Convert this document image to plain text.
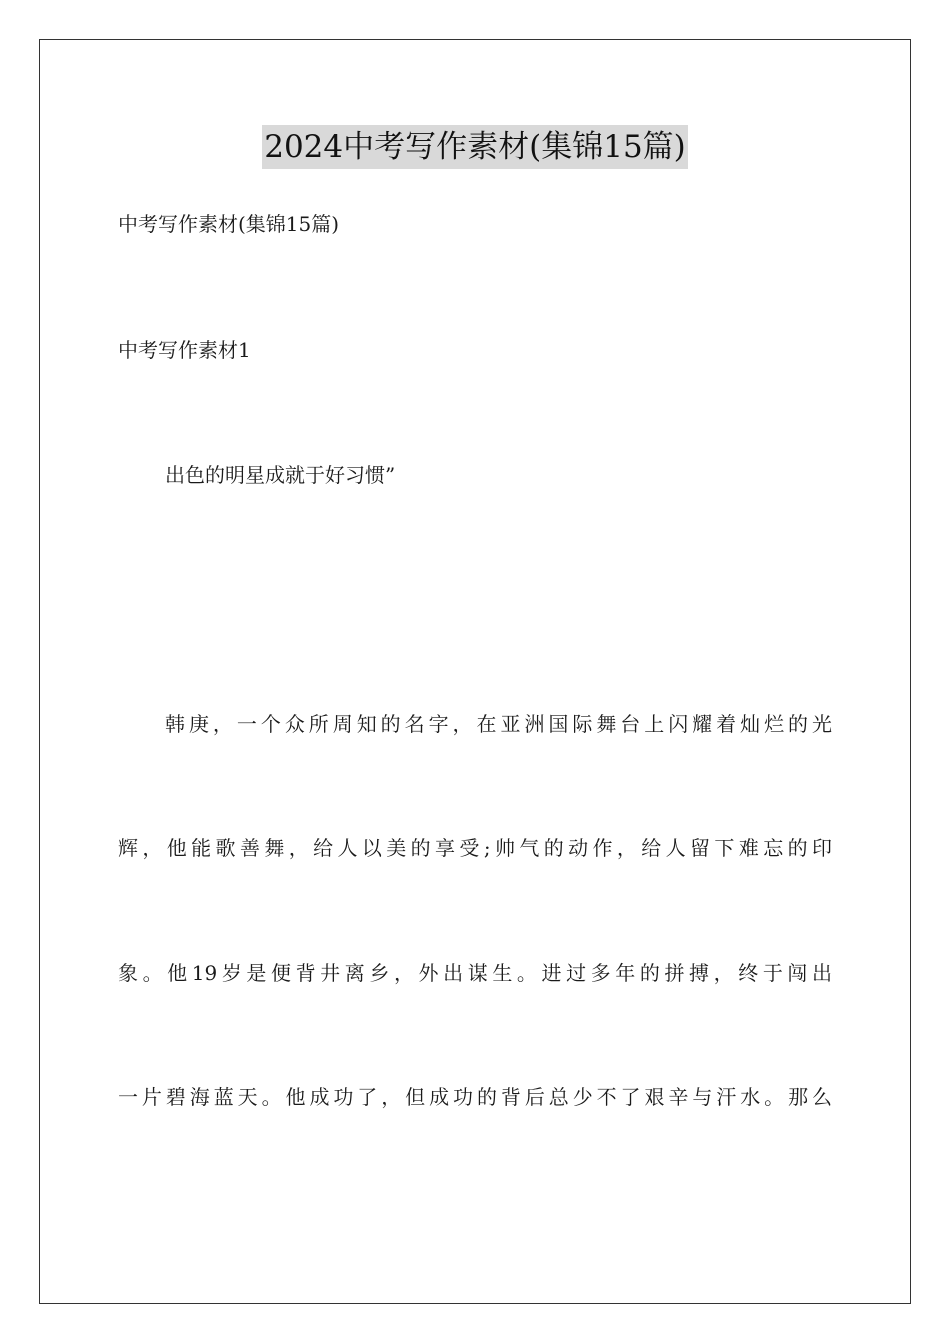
2024中考写作素材(集锦15篇)
中考写作素材(集锦15篇)
中考写作素材1
出色的明星成就于好习惯”
韩庚，一个众所周知的名字，在亚洲国际舞台上闪耀着灿烂的光
辉，他能歌善舞，给人以美的享受;帅气的动作，给人留下难忘的印
象。他19岁是便背井离乡，外出谋生。进过多年的拼搏，终于闯出
一片碧海蓝天。他成功了，但成功的背后总少不了艰辛与汗水。那么
